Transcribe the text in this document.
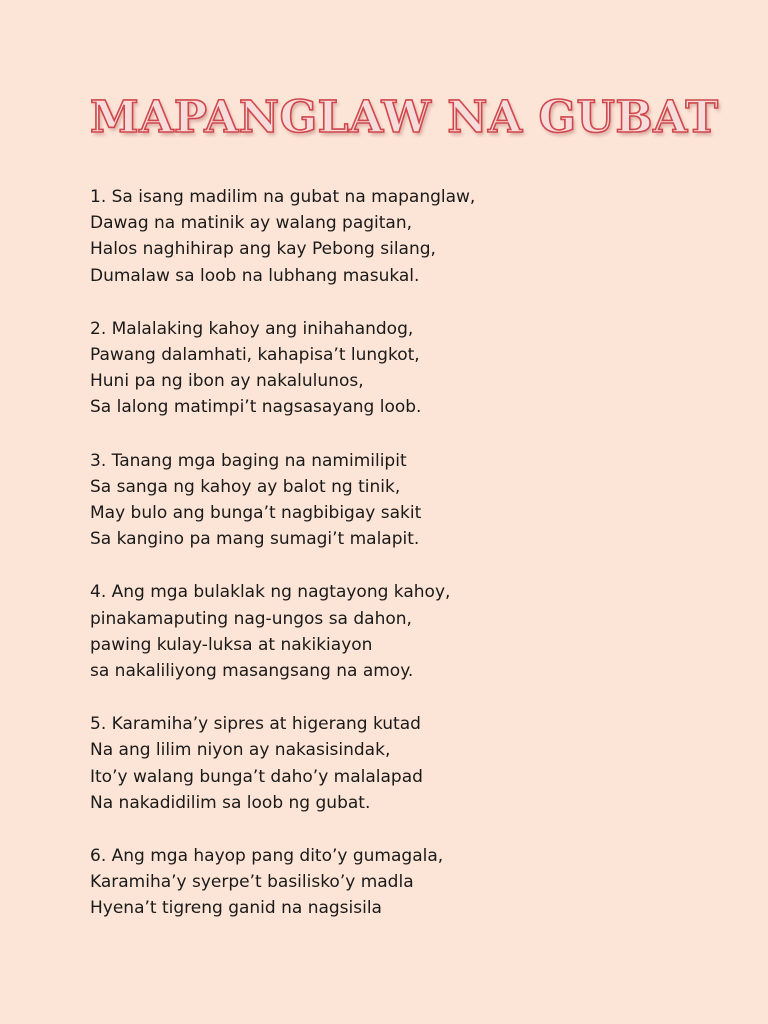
MAPANGLAW NA GUBAT
1. Sa isang madilim na gubat na mapanglaw,
Dawag na matinik ay walang pagitan,
Halos naghihirap ang kay Pebong silang,
Dumalaw sa loob na lubhang masukal.
2. Malalaking kahoy ang inihahandog,
Pawang dalamhati, kahapisa’t lungkot,
Huni pa ng ibon ay nakalulunos,
Sa lalong matimpi’t nagsasayang loob.
3. Tanang mga baging na namimilipit
Sa sanga ng kahoy ay balot ng tinik,
May bulo ang bunga’t nagbibigay sakit
Sa kangino pa mang sumagi’t malapit.
4. Ang mga bulaklak ng nagtayong kahoy,
pinakamaputing nag-ungos sa dahon,
pawing kulay-luksa at nakikiayon
sa nakaliliyong masangsang na amoy.
5. Karamiha’y sipres at higerang kutad
Na ang lilim niyon ay nakasisindak,
Ito’y walang bunga’t daho’y malalapad
Na nakadidilim sa loob ng gubat.
6. Ang mga hayop pang dito’y gumagala,
Karamiha’y syerpe’t basilisko’y madla
Hyena’t tigreng ganid na nagsisila
